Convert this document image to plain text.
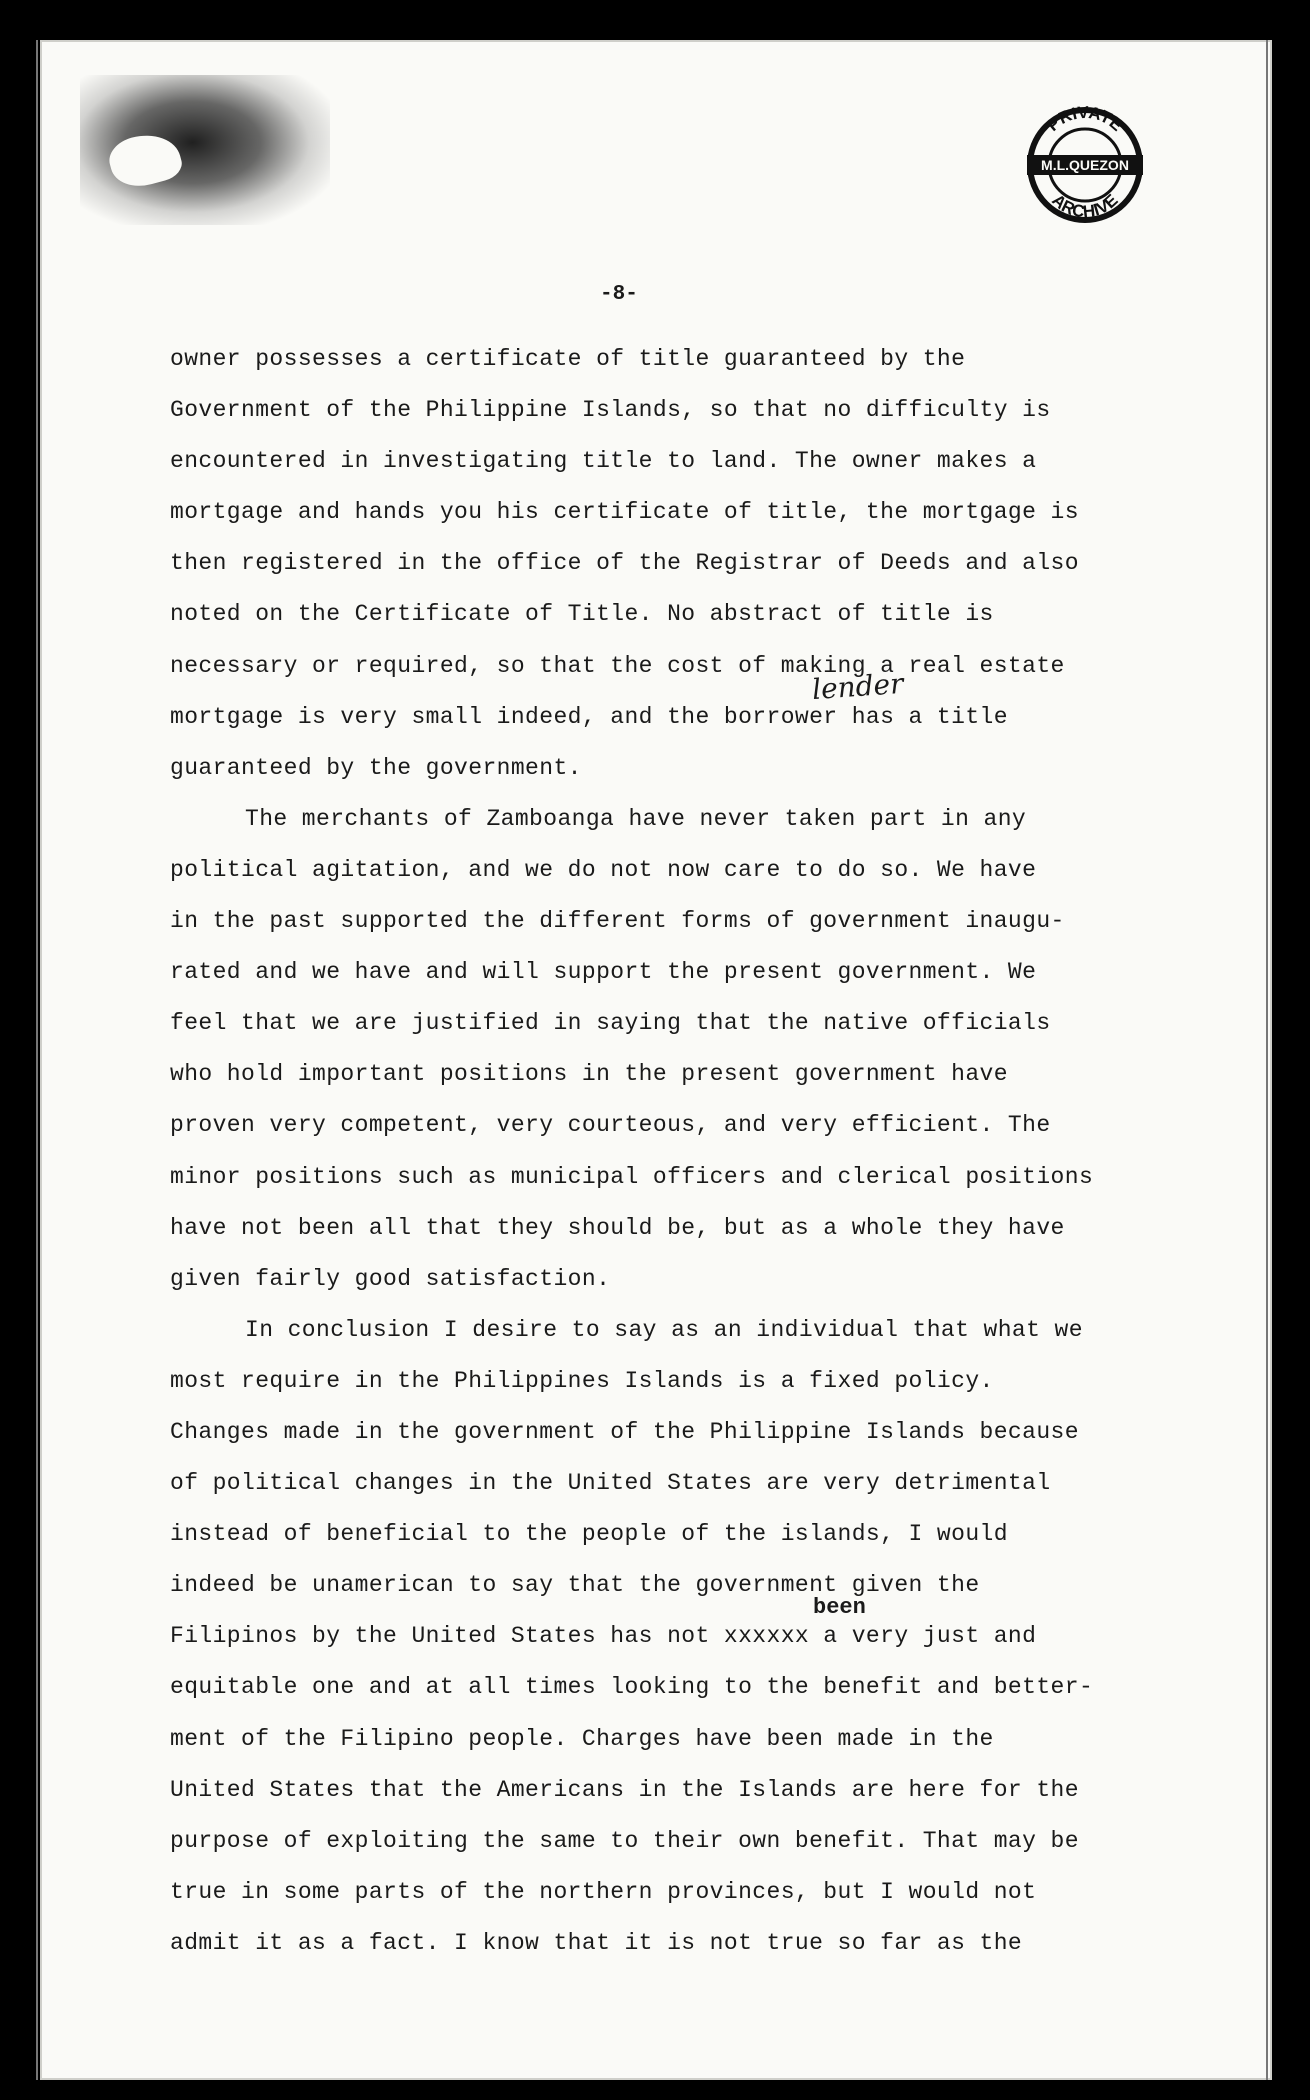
PRIVATE
M.L.QUEZON
ARCHIVE
-8-
lender
been
owner possesses a certificate of title guaranteed by the
Government of the Philippine Islands, so that no difficulty is
encountered in investigating title to land. The owner makes a
mortgage and hands you his certificate of title, the mortgage is
then registered in the office of the Registrar of Deeds and also
noted on the Certificate of Title. No abstract of title is
necessary or required, so that the cost of making a real estate
mortgage is very small indeed, and the borrower has a title
guaranteed by the government.
The merchants of Zamboanga have never taken part in any
political agitation, and we do not now care to do so. We have
in the past supported the different forms of government inaugu-
rated and we have and will support the present government. We
feel that we are justified in saying that the native officials
who hold important positions in the present government have
proven very competent, very courteous, and very efficient. The
minor positions such as municipal officers and clerical positions
have not been all that they should be, but as a whole they have
given fairly good satisfaction.
In conclusion I desire to say as an individual that what we
most require in the Philippines Islands is a fixed policy.
Changes made in the government of the Philippine Islands because
of political changes in the United States are very detrimental
instead of beneficial to the people of the islands, I would
indeed be unamerican to say that the government given the
Filipinos by the United States has not xxxxxx a very just and
equitable one and at all times looking to the benefit and better-
ment of the Filipino people. Charges have been made in the
United States that the Americans in the Islands are here for the
purpose of exploiting the same to their own benefit. That may be
true in some parts of the northern provinces, but I would not
admit it as a fact. I know that it is not true so far as the
